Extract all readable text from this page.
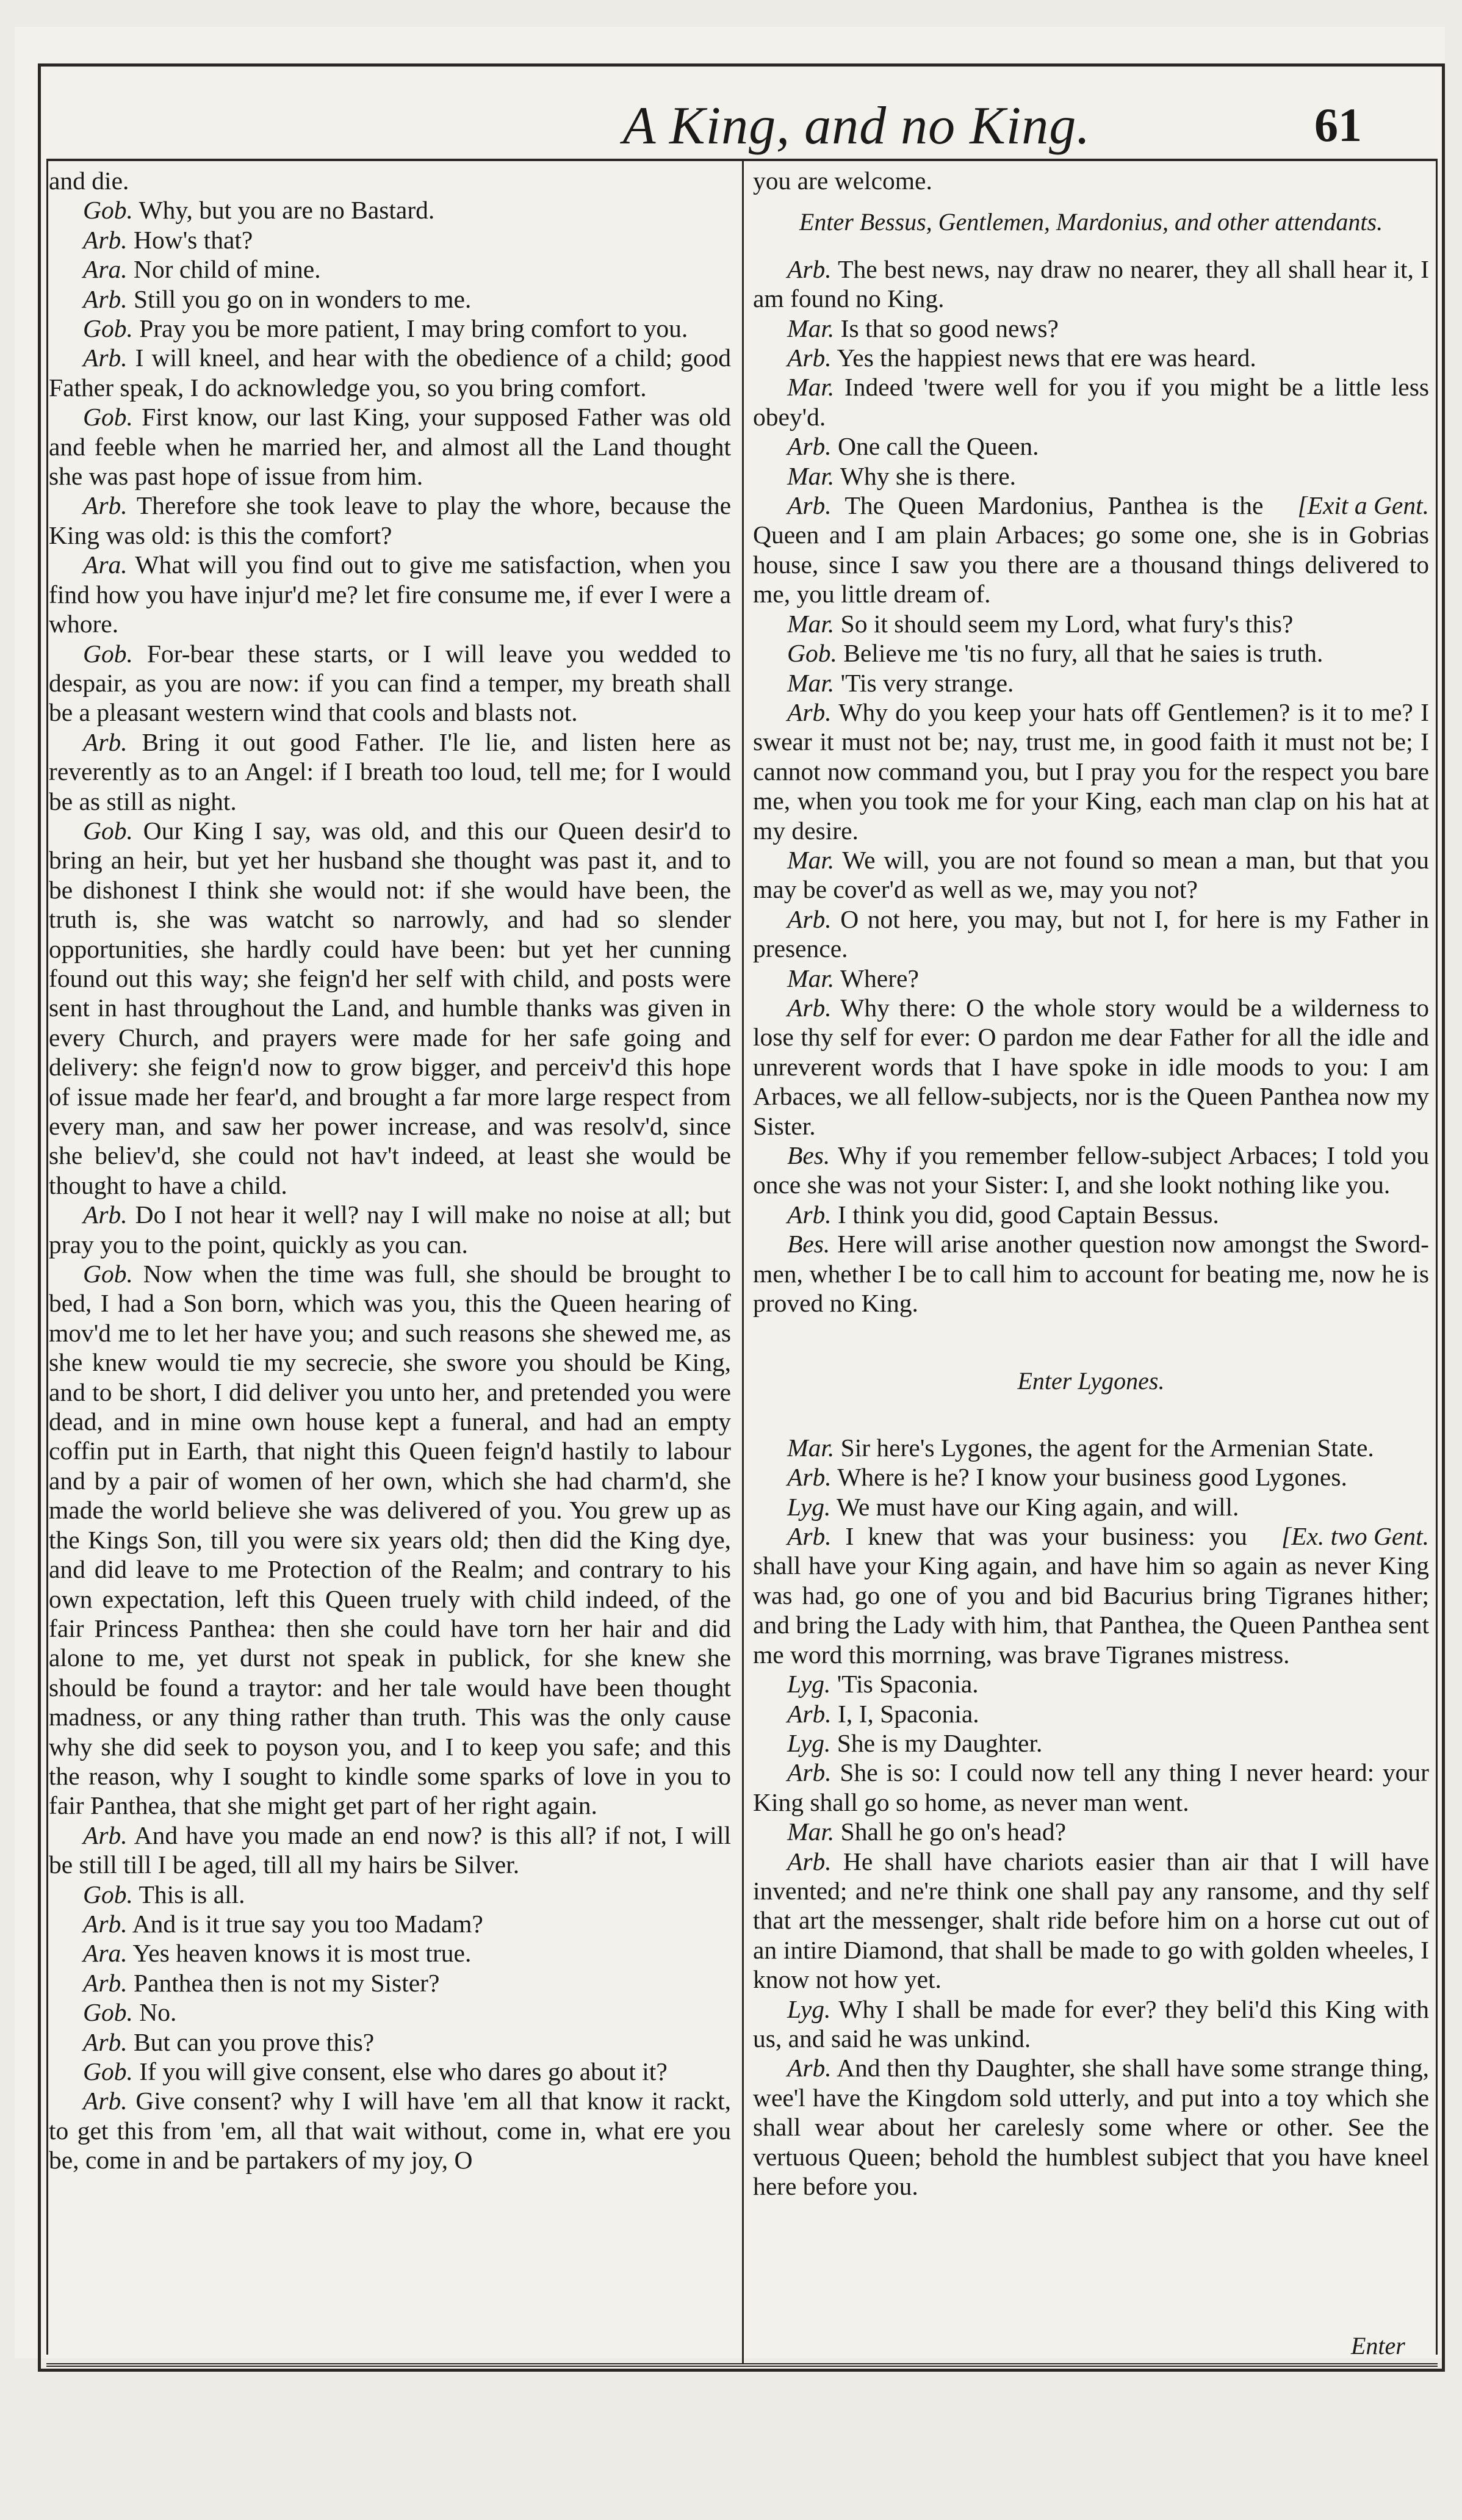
A King, and no King.	61

and die.

Gob. Why, but you are no Bastard.

Arb. How's that?

Ara. Nor child of mine.

Arb. Still you go on in wonders to me.

Gob. Pray you be more patient, I may bring comfort to you.

Arb. I will kneel, and hear with the obedience of a child; good Father speak, I do acknowledge you, so you bring comfort.

Gob. First know, our last King, your supposed Father was old and feeble when he married her, and almost all the Land thought she was past hope of issue from him.

Arb. Therefore she took leave to play the whore, because the King was old: is this the comfort?

Ara. What will you find out to give me satisfaction, when you find how you have injur'd me? let fire consume me, if ever I were a whore.

Gob. For-bear these starts, or I will leave you wedded to despair, as you are now: if you can find a temper, my breath shall be a pleasant western wind that cools and blasts not.

Arb. Bring it out good Father. I'le lie, and listen here as reverently as to an Angel: if I breath too loud, tell me; for I would be as still as night.

Gob. Our King I say, was old, and this our Queen desir'd to bring an heir, but yet her husband she thought was past it, and to be dishonest I think she would not: if she would have been, the truth is, she was watcht so narrowly, and had so slender opportunities, she hardly could have been: but yet her cunning found out this way; she feign'd her self with child, and posts were sent in hast throughout the Land, and humble thanks was given in every Church, and prayers were made for her safe going and delivery: she feign'd now to grow bigger, and perceiv'd this hope of issue made her fear'd, and brought a far more large respect from every man, and saw her power increase, and was resolv'd, since she believ'd, she could not hav't indeed, at least she would be thought to have a child.

Arb. Do I not hear it well? nay I will make no noise at all; but pray you to the point, quickly as you can.

Gob. Now when the time was full, she should be brought to bed, I had a Son born, which was you, this the Queen hearing of mov'd me to let her have you; and such reasons she shewed me, as she knew would tie my secrecie, she swore you should be King, and to be short, I did deliver you unto her, and pretended you were dead, and in mine own house kept a funeral, and had an empty coffin put in Earth, that night this Queen feign'd hastily to labour and by a pair of women of her own, which she had charm'd, she made the world believe she was delivered of you. You grew up as the Kings Son, till you were six years old; then did the King dye, and did leave to me Protection of the Realm; and contrary to his own expectation, left this Queen truely with child indeed, of the fair Princess Panthea: then she could have torn her hair and did alone to me, yet durst not speak in publick, for she knew she should be found a traytor: and her tale would have been thought madness, or any thing rather than truth. This was the only cause why she did seek to poyson you, and I to keep you safe; and this the reason, why I sought to kindle some sparks of love in you to fair Panthea, that she might get part of her right again.

Arb. And have you made an end now? is this all? if not, I will be still till I be aged, till all my hairs be Silver.

Gob. This is all.

Arb. And is it true say you too Madam?

Ara. Yes heaven knows it is most true.

Arb. Panthea then is not my Sister?

Gob. No.

Arb. But can you prove this?

Gob. If you will give consent, else who dares go about it?

Arb. Give consent? why I will have 'em all that know it rackt, to get this from 'em, all that wait without, come in, what ere you be, come in and be partakers of my joy, O

you are welcome.

Enter Bessus, Gentlemen, Mardonius, and other attendants.

Arb. The best news, nay draw no nearer, they all shall hear it, I am found no King.

Mar. Is that so good news?

Arb. Yes the happiest news that ere was heard.

Mar. Indeed 'twere well for you if you might be a little less obey'd.

Arb. One call the Queen.

Mar. Why she is there.

[Exit a Gent.
Arb. The Queen Mardonius, Panthea is the Queen and I am plain Arbaces; go some one, she is in Gobrias house, since I saw you there are a thousand things delivered to me, you little dream of.

Mar. So it should seem my Lord, what fury's this?

Gob. Believe me 'tis no fury, all that he saies is truth.

Mar. 'Tis very strange.

Arb. Why do you keep your hats off Gentlemen? is it to me? I swear it must not be; nay, trust me, in good faith it must not be; I cannot now command you, but I pray you for the respect you bare me, when you took me for your King, each man clap on his hat at my desire.

Mar. We will, you are not found so mean a man, but that you may be cover'd as well as we, may you not?

Arb. O not here, you may, but not I, for here is my Father in presence.

Mar. Where?

Arb. Why there: O the whole story would be a wilderness to lose thy self for ever: O pardon me dear Father for all the idle and unreverent words that I have spoke in idle moods to you: I am Arbaces, we all fellow-subjects, nor is the Queen Panthea now my Sister.

Bes. Why if you remember fellow-subject Arbaces; I told you once she was not your Sister: I, and she lookt nothing like you.

Arb. I think you did, good Captain Bessus.

Bes. Here will arise another question now amongst the Sword-men, whether I be to call him to account for beating me, now he is proved no King.

Enter Lygones.

Mar. Sir here's Lygones, the agent for the Armenian State.

Arb. Where is he? I know your business good Lygones.

Lyg. We must have our King again, and will.

[Ex. two Gent.
Arb. I knew that was your business: you shall have your King again, and have him so again as never King was had, go one of you and bid Bacurius bring Tigranes hither; and bring the Lady with him, that Panthea, the Queen Panthea sent me word this morrning, was brave Tigranes mistress.

Lyg. 'Tis Spaconia.

Arb. I, I, Spaconia.

Lyg. She is my Daughter.

Arb. She is so: I could now tell any thing I never heard: your King shall go so home, as never man went.

Mar. Shall he go on's head?

Arb. He shall have chariots easier than air that I will have invented; and ne're think one shall pay any ransome, and thy self that art the messenger, shalt ride before him on a horse cut out of an intire Diamond, that shall be made to go with golden wheeles, I know not how yet.

Lyg. Why I shall be made for ever? they beli'd this King with us, and said he was unkind.

Arb. And then thy Daughter, she shall have some strange thing, wee'l have the Kingdom sold utterly, and put into a toy which she shall wear about her carelesly some where or other. See the vertuous Queen; behold the humblest subject that you have kneel here before you.

Enter
